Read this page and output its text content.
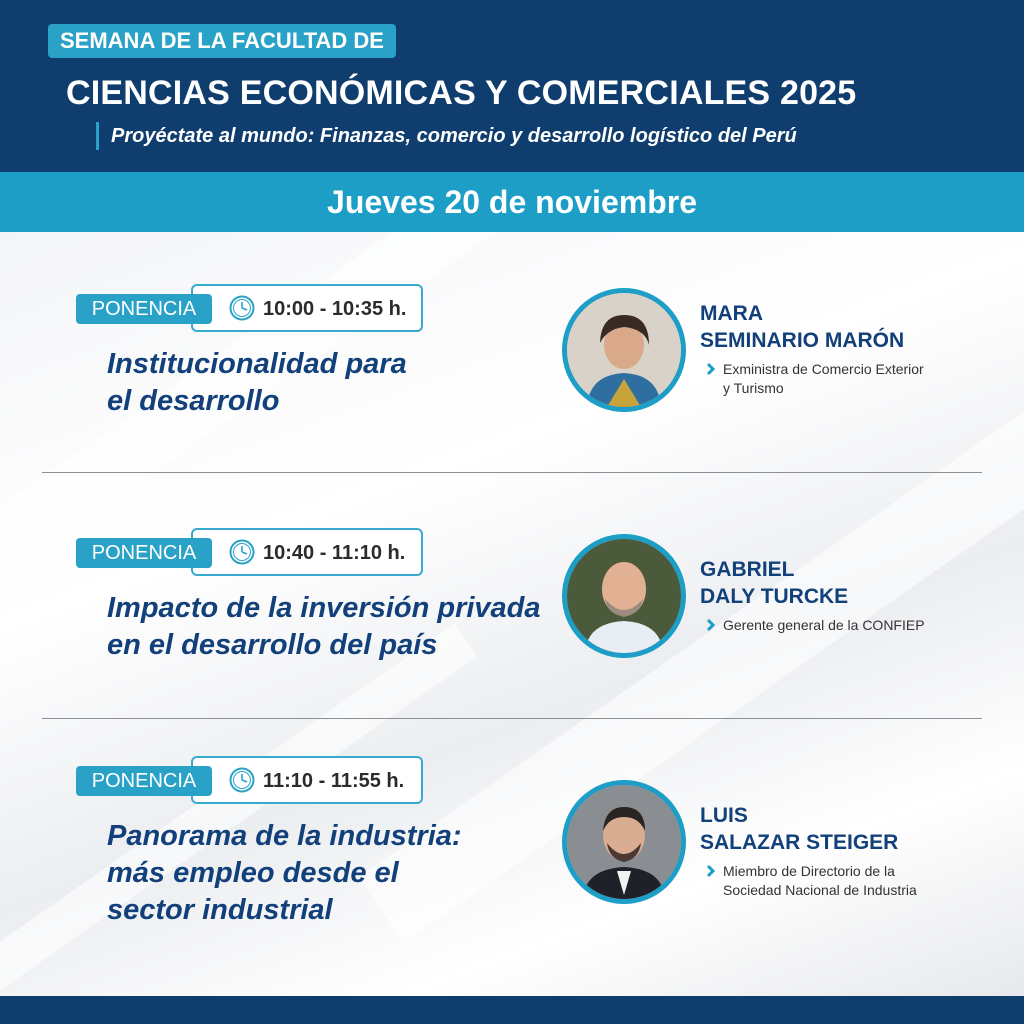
SEMANA DE LA FACULTAD DE
CIENCIAS ECONÓMICAS Y COMERCIALES 2025
Proyéctate al mundo: Finanzas, comercio y desarrollo logístico del Perú
Jueves 20 de noviembre
10:00 - 10:35 h.
PONENCIA
Institucionalidad para
el desarrollo
MARA
SEMINARIO MARÓN
Exministra de Comercio Exterior
y Turismo
10:40 - 11:10 h.
PONENCIA
Impacto de la inversión privada
en el desarrollo del país
GABRIEL
DALY TURCKE
Gerente general de la CONFIEP
11:10 - 11:55 h.
PONENCIA
Panorama de la industria:
más empleo desde el
sector industrial
LUIS
SALAZAR STEIGER
Miembro de Directorio de la
Sociedad Nacional de Industria
